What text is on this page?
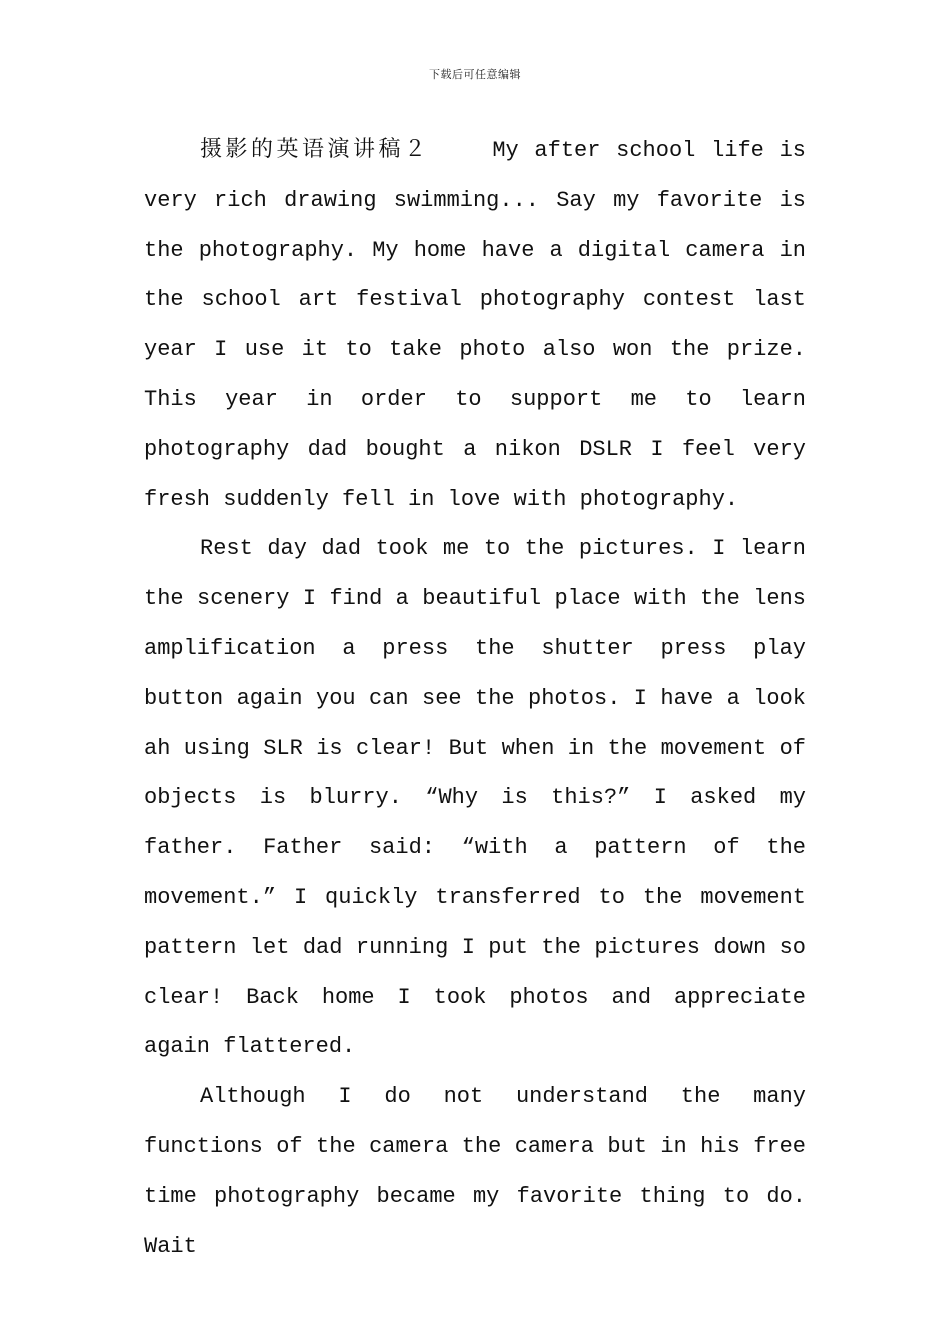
下载后可任意编辑

摄影的英语演讲稿２	My after school life is very rich drawing swimming... Say my favorite is the photography. My home have a digital camera in the school art festival photography contest last year I use it to take photo also won the prize. This year in order to support me to learn photography dad bought a nikon DSLR I feel very fresh suddenly fell in love with photography.

Rest day dad took me to the pictures. I learn the scenery I find a beautiful place with the lens amplification a press the shutter press play button again you can see the photos. I have a look ah using SLR is clear! But when in the movement of objects is blurry. “Why is this?” I asked my father. Father said: “with a pattern of the movement.” I quickly transferred to the movement pattern let dad running I put the pictures down so clear! Back home I took photos and appreciate again flattered.

Although I do not understand the many functions of the camera the camera but in his free time photography became my favorite thing to do. Wait
